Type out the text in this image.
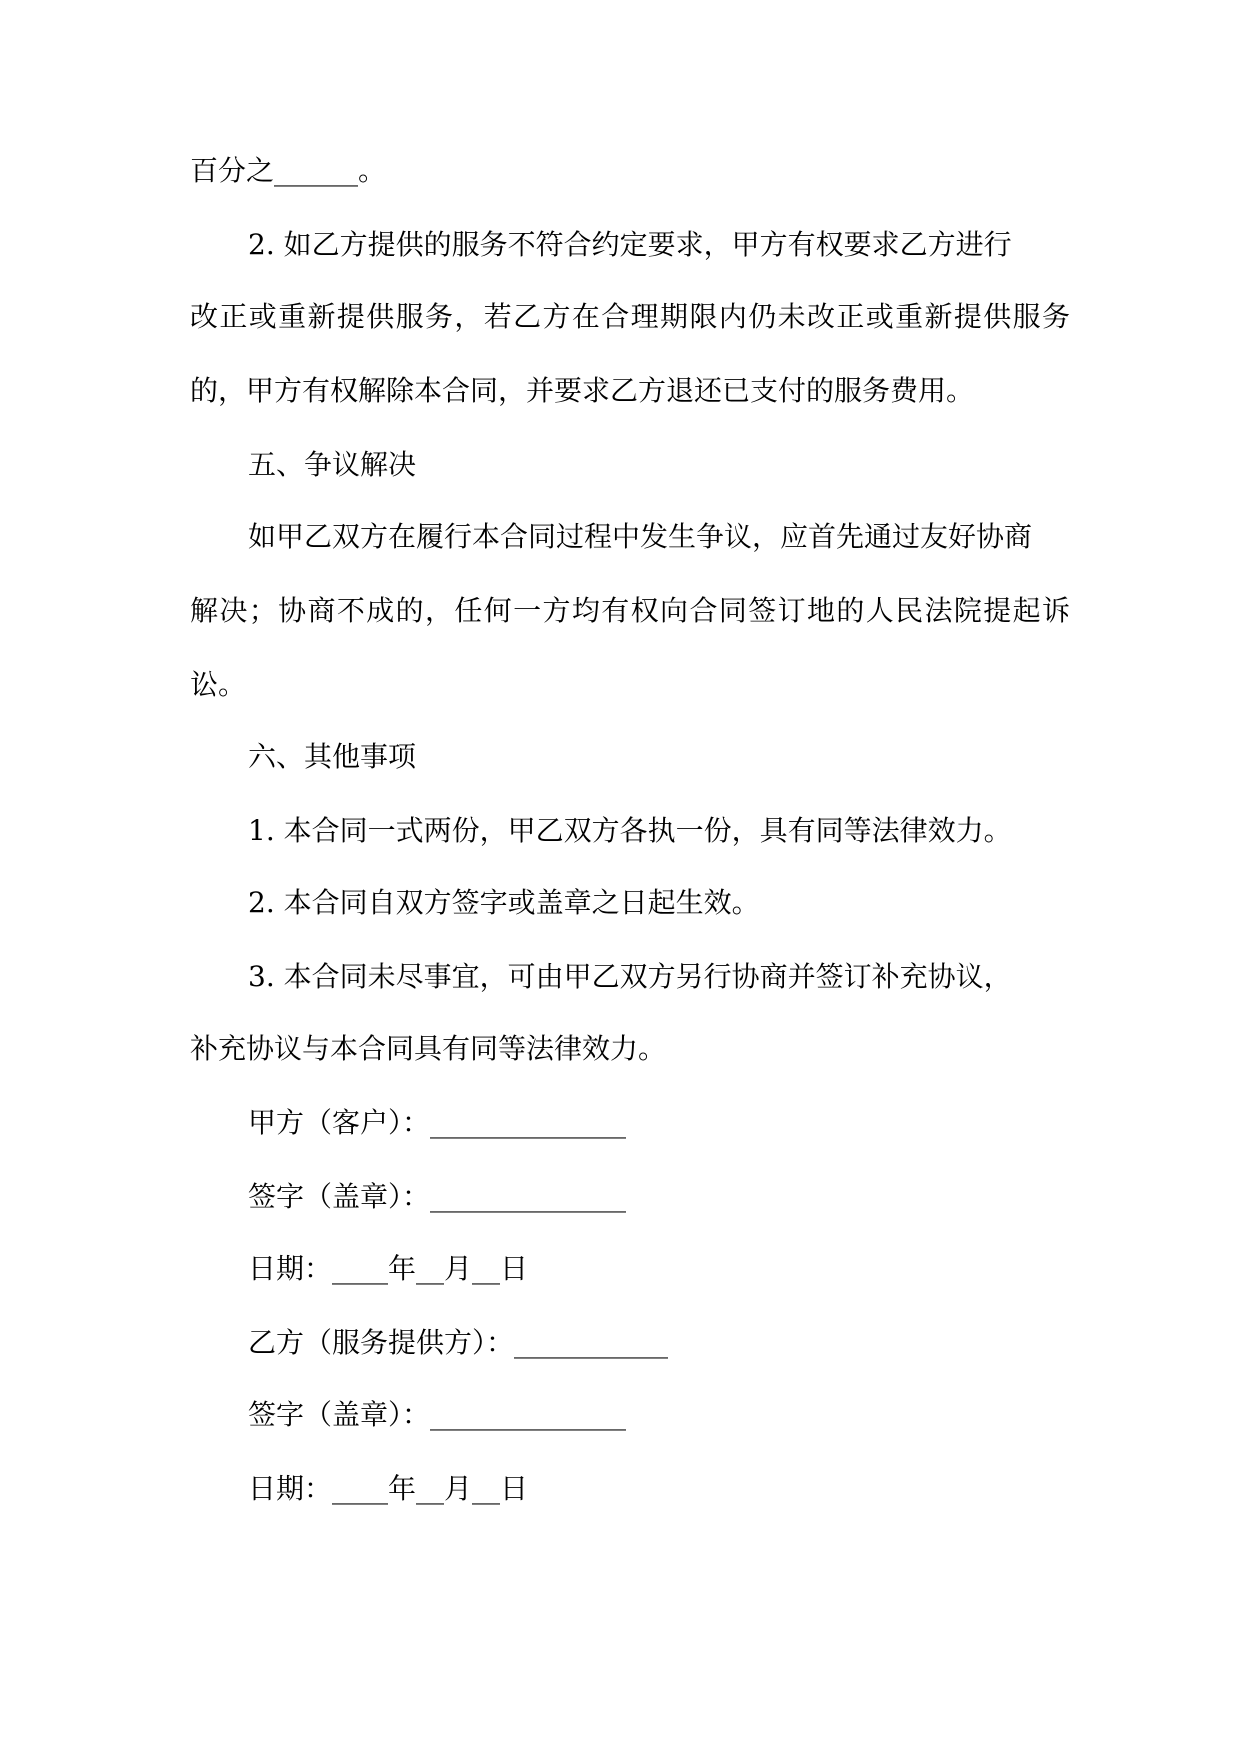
百分之______。
2. 如乙方提供的服务不符合约定要求，甲方有权要求乙方进行
改正或重新提供服务，若乙方在合理期限内仍未改正或重新提供服务
的，甲方有权解除本合同，并要求乙方退还已支付的服务费用。
五、争议解决
如甲乙双方在履行本合同过程中发生争议，应首先通过友好协商
解决；协商不成的，任何一方均有权向合同签订地的人民法院提起诉
讼。
六、其他事项
1. 本合同一式两份，甲乙双方各执一份，具有同等法律效力。
2. 本合同自双方签字或盖章之日起生效。
3. 本合同未尽事宜，可由甲乙双方另行协商并签订补充协议，
补充协议与本合同具有同等法律效力。
甲方（客户）：______________
签字（盖章）：______________
日期：____年__月__日
乙方（服务提供方）：___________
签字（盖章）：______________
日期：____年__月__日
